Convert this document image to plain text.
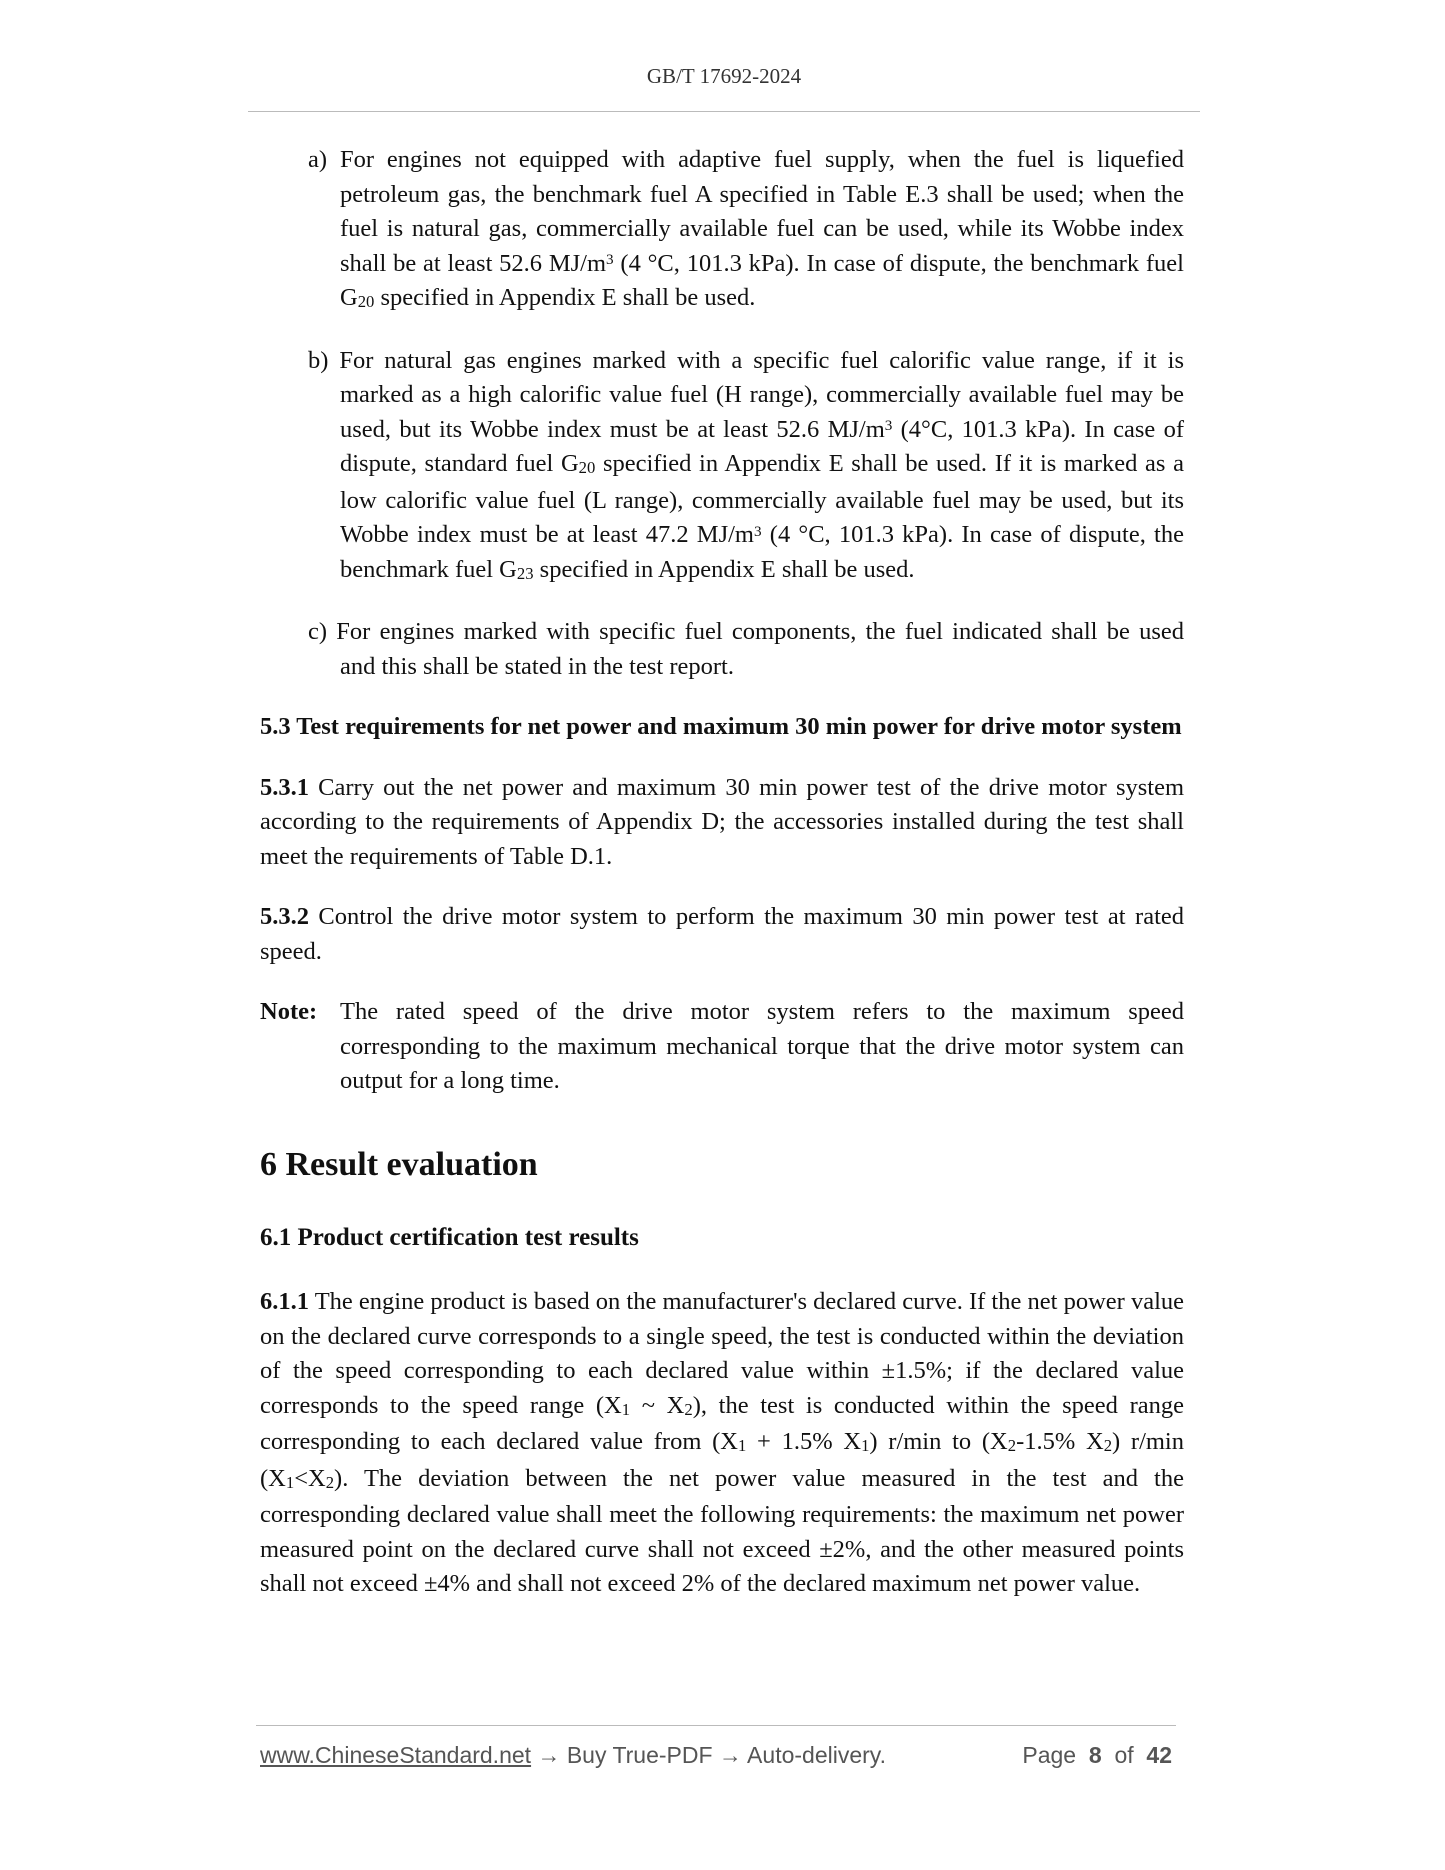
GB/T 17692-2024
a) For engines not equipped with adaptive fuel supply, when the fuel is liquefied petroleum gas, the benchmark fuel A specified in Table E.3 shall be used; when the fuel is natural gas, commercially available fuel can be used, while its Wobbe index shall be at least 52.6 $MJ/m^3$ (4 °C, 101.3 kPa). In case of dispute, the benchmark fuel $G_{20}$ specified in Appendix E shall be used.
b) For natural gas engines marked with a specific fuel calorific value range, if it is marked as a high calorific value fuel (H range), commercially available fuel may be used, but its Wobbe index must be at least 52.6 $MJ/m^3$ (4°C, 101.3 kPa). In case of dispute, standard fuel $G_{20}$ specified in Appendix E shall be used. If it is marked as a low calorific value fuel (L range), commercially available fuel may be used, but its Wobbe index must be at least 47.2 $MJ/m^3$ (4 °C, 101.3 kPa). In case of dispute, the benchmark fuel $G_{23}$ specified in Appendix E shall be used.
c) For engines marked with specific fuel components, the fuel indicated shall be used and this shall be stated in the test report.
5.3 Test requirements for net power and maximum 30 min power for drive motor system
5.3.1 Carry out the net power and maximum 30 min power test of the drive motor system according to the requirements of Appendix D; the accessories installed during the test shall meet the requirements of Table D.1.
5.3.2 Control the drive motor system to perform the maximum 30 min power test at rated speed.
Note: The rated speed of the drive motor system refers to the maximum speed corresponding to the maximum mechanical torque that the drive motor system can output for a long time.
6 Result evaluation
6.1 Product certification test results
6.1.1 The engine product is based on the manufacturer's declared curve. If the net power value on the declared curve corresponds to a single speed, the test is conducted within the deviation of the speed corresponding to each declared value within ±1.5%; if the declared value corresponds to the speed range ($X_1$ ~ $X_2$), the test is conducted within the speed range corresponding to each declared value from ($X_1 + 1.5\%$ $X_1$) r/min to ($X_2-1.5\%$ $X_2$) r/min $(X_1<X_2)$. The deviation between the net power value measured in the test and the corresponding declared value shall meet the following requirements: the maximum net power measured point on the declared curve shall not exceed ±2%, and the other measured points shall not exceed ±4% and shall not exceed 2% of the declared maximum net power value.
www.ChineseStandard.net → Buy True-PDF → Auto-delivery.	Page 8 of 42
